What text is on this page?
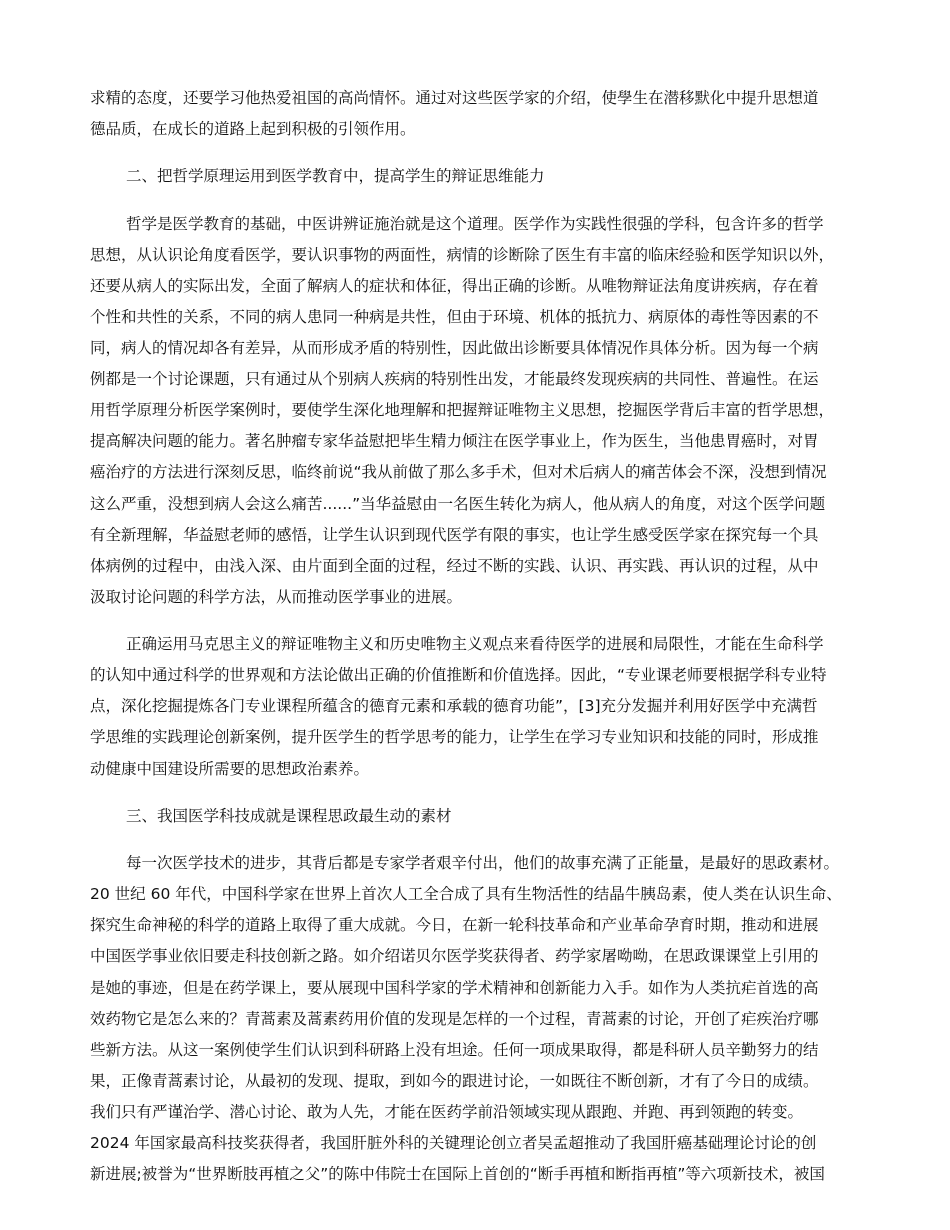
求精的态度，还要学习他热爱祖国的高尚情怀。通过对这些医学家的介绍，使學生在潜移默化中提升思想道
德品质，在成长的道路上起到积极的引领作用。
二、把哲学原理运用到医学教育中，提高学生的辩证思维能力
哲学是医学教育的基础，中医讲辨证施治就是这个道理。医学作为实践性很强的学科，包含许多的哲学
思想，从认识论角度看医学，要认识事物的两面性，病情的诊断除了医生有丰富的临床经验和医学知识以外，
还要从病人的实际出发，全面了解病人的症状和体征，得出正确的诊断。从唯物辩证法角度讲疾病，存在着
个性和共性的关系，不同的病人患同一种病是共性，但由于环境、机体的抵抗力、病原体的毒性等因素的不
同，病人的情况却各有差异，从而形成矛盾的特别性，因此做出诊断要具体情况作具体分析。因为每一个病
例都是一个讨论课题，只有通过从个别病人疾病的特别性出发，才能最终发现疾病的共同性、普遍性。在运
用哲学原理分析医学案例时，要使学生深化地理解和把握辩证唯物主义思想，挖掘医学背后丰富的哲学思想，
提高解决问题的能力。著名肿瘤专家华益慰把毕生精力倾注在医学事业上，作为医生，当他患胃癌时，对胃
癌治疗的方法进行深刻反思，临终前说“我从前做了那么多手术，但对术后病人的痛苦体会不深，没想到情况
这么严重，没想到病人会这么痛苦......”当华益慰由一名医生转化为病人，他从病人的角度，对这个医学问题
有全新理解，华益慰老师的感悟，让学生认识到现代医学有限的事实，也让学生感受医学家在探究每一个具
体病例的过程中，由浅入深、由片面到全面的过程，经过不断的实践、认识、再实践、再认识的过程，从中
汲取讨论问题的科学方法，从而推动医学事业的进展。
正确运用马克思主义的辩证唯物主义和历史唯物主义观点来看待医学的进展和局限性，才能在生命科学
的认知中通过科学的世界观和方法论做出正确的价值推断和价值选择。因此，“专业课老师要根据学科专业特
点，深化挖掘提炼各门专业课程所蕴含的德育元素和承载的德育功能”，[3]充分发掘并利用好医学中充满哲
学思维的实践理论创新案例，提升医学生的哲学思考的能力，让学生在学习专业知识和技能的同时，形成推
动健康中国建设所需要的思想政治素养。
三、我国医学科技成就是课程思政最生动的素材
每一次医学技术的进步，其背后都是专家学者艰辛付出，他们的故事充满了正能量，是最好的思政素材。
20 世纪 60 年代，中国科学家在世界上首次人工全合成了具有生物活性的结晶牛胰岛素，使人类在认识生命、
探究生命神秘的科学的道路上取得了重大成就。今日，在新一轮科技革命和产业革命孕育时期，推动和进展
中国医学事业依旧要走科技创新之路。如介绍诺贝尔医学奖获得者、药学家屠呦呦，在思政课课堂上引用的
是她的事迹，但是在药学课上，要从展现中国科学家的学术精神和创新能力入手。如作为人类抗疟首选的高
效药物它是怎么来的？青蒿素及蒿素药用价值的发现是怎样的一个过程，青蒿素的讨论，开创了疟疾治疗哪
些新方法。从这一案例使学生们认识到科研路上没有坦途。任何一项成果取得，都是科研人员辛勤努力的结
果，正像青蒿素讨论，从最初的发现、提取，到如今的跟进讨论，一如既往不断创新，才有了今日的成绩。
我们只有严谨治学、潜心讨论、敢为人先，才能在医药学前沿领域实现从跟跑、并跑、再到领跑的转变。
2024 年国家最高科技奖获得者，我国肝脏外科的关键理论创立者吴孟超推动了我国肝癌基础理论讨论的创
新进展;被誉为“世界断肢再植之父”的陈中伟院士在国际上首创的“断手再植和断指再植”等六项新技术，被国
